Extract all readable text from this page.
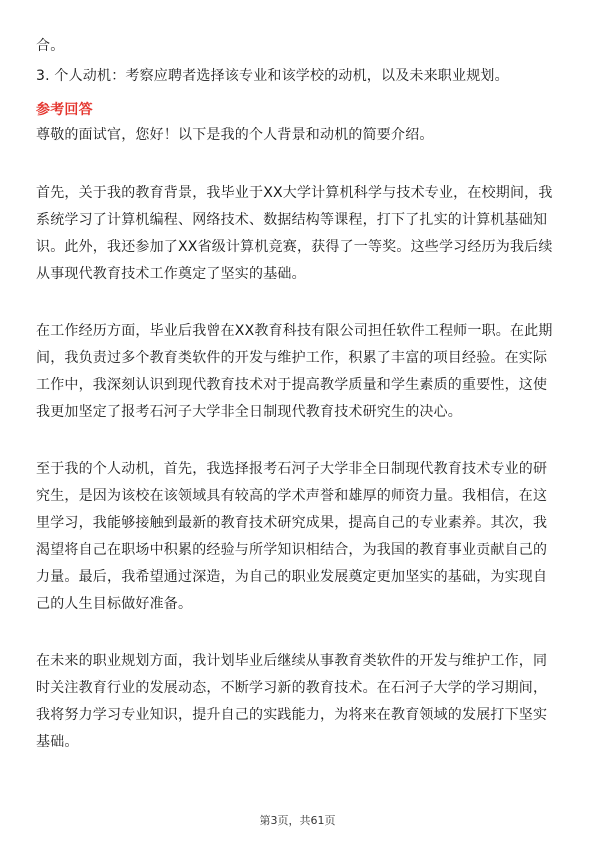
合。
3. 个人动机：考察应聘者选择该专业和该学校的动机，以及未来职业规划。
参考回答
尊敬的面试官，您好！以下是我的个人背景和动机的简要介绍。
首先，关于我的教育背景，我毕业于XX大学计算机科学与技术专业，在校期间，我
系统学习了计算机编程、网络技术、数据结构等课程，打下了扎实的计算机基础知
识。此外，我还参加了XX省级计算机竞赛，获得了一等奖。这些学习经历为我后续
从事现代教育技术工作奠定了坚实的基础。
在工作经历方面，毕业后我曾在XX教育科技有限公司担任软件工程师一职。在此期
间，我负责过多个教育类软件的开发与维护工作，积累了丰富的项目经验。在实际
工作中，我深刻认识到现代教育技术对于提高教学质量和学生素质的重要性，这使
我更加坚定了报考石河子大学非全日制现代教育技术研究生的决心。
至于我的个人动机，首先，我选择报考石河子大学非全日制现代教育技术专业的研
究生，是因为该校在该领域具有较高的学术声誉和雄厚的师资力量。我相信，在这
里学习，我能够接触到最新的教育技术研究成果，提高自己的专业素养。其次，我
渴望将自己在职场中积累的经验与所学知识相结合，为我国的教育事业贡献自己的
力量。最后，我希望通过深造，为自己的职业发展奠定更加坚实的基础，为实现自
己的人生目标做好准备。
在未来的职业规划方面，我计划毕业后继续从事教育类软件的开发与维护工作，同
时关注教育行业的发展动态，不断学习新的教育技术。在石河子大学的学习期间，
我将努力学习专业知识，提升自己的实践能力，为将来在教育领域的发展打下坚实
基础。
第3页，共61页
